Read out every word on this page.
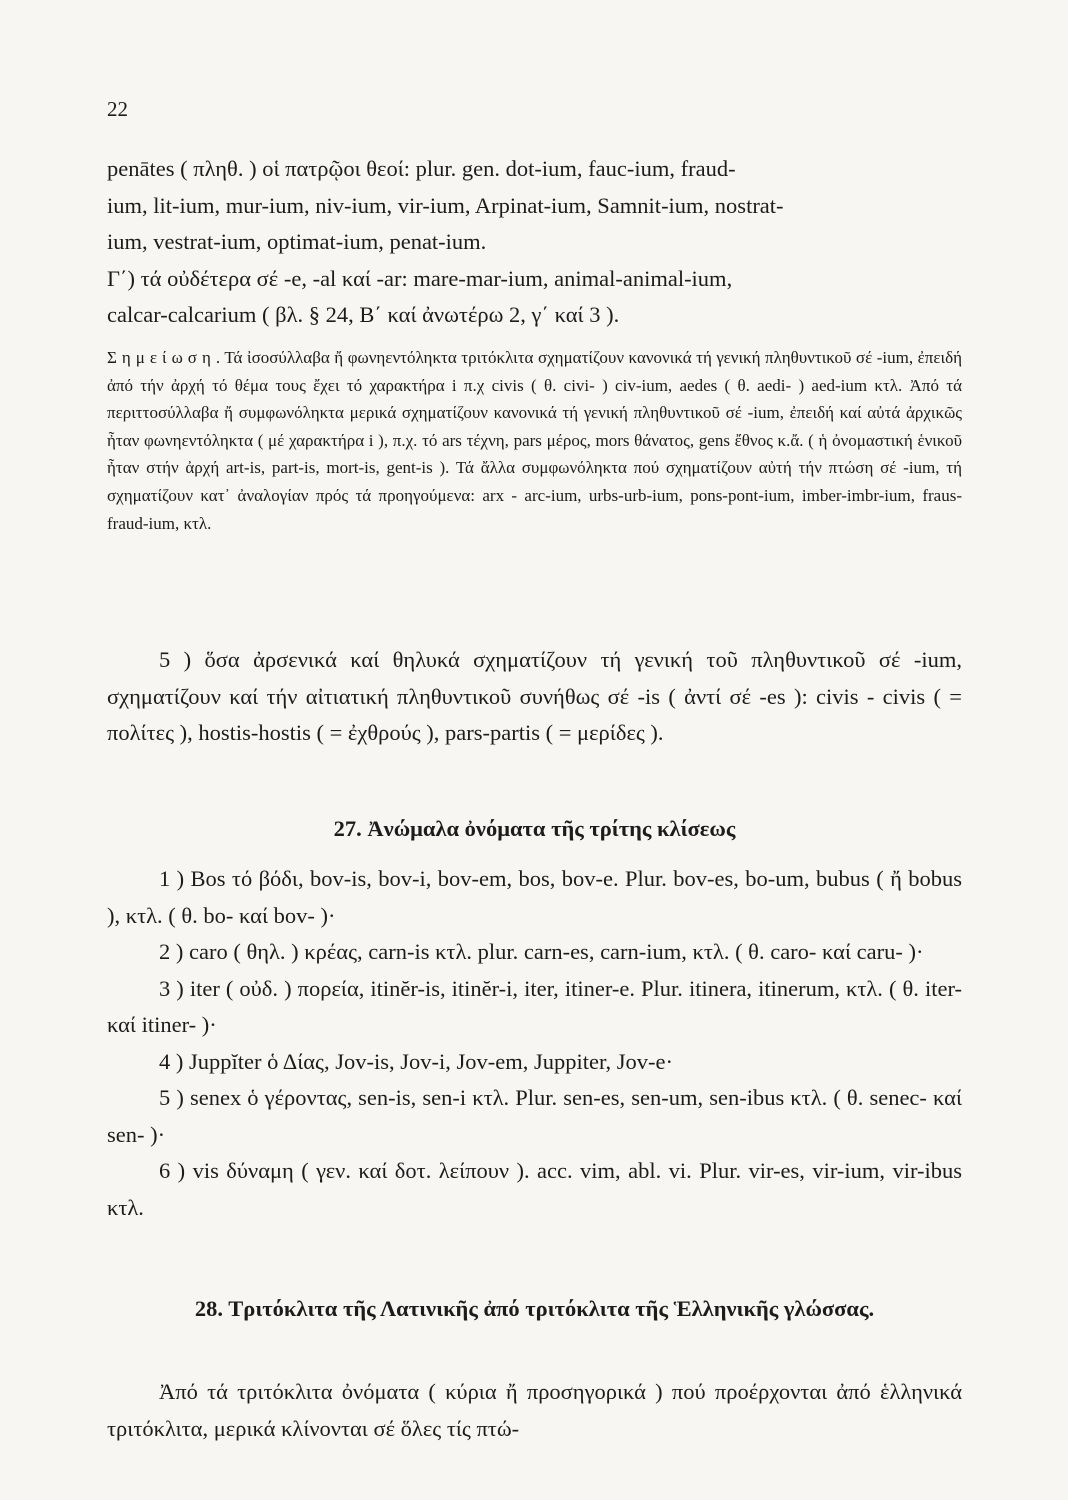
22

penātes ( πληθ. ) οἱ πατρῷοι θεοί: plur. gen. dot-ium, fauc-ium, fraud-

ium, lit-ium, mur-ium, niv-ium, vir-ium, Arpinat-ium, Samnit-ium, nostrat-

ium, vestrat-ium, optimat-ium, penat-ium.

Γ΄) τά οὐδέτερα σέ -e, -al καί -ar: mare-mar-ium, animal-animal-ium,

calcar-calcarium ( βλ. § 24, Β΄ καί ἀνωτέρω 2, γ΄ καί 3 ).

Σημείωση. Τά ἰσοσύλλαβα ἤ φωνηεντόληκτα τριτόκλιτα σχηματίζουν κανονικά τή γενική πληθυντικοῦ σέ -ium, ἐπειδή ἀπό τήν ἀρχή τό θέμα τους ἔχει τό χαρακτήρα i π.χ civis ( θ. civi- ) civ-ium, aedes ( θ. aedi- ) aed-ium κτλ. Ἀπό τά περιττοσύλλαβα ἤ συμφωνόληκτα μερικά σχηματίζουν κανονικά τή γενική πληθυντικοῦ σέ -ium, ἐπειδή καί αὐτά ἀρχικῶς ἦταν φωνηεντόληκτα ( μέ χαρακτήρα i ), π.χ. τό ars τέχνη, pars μέρος, mors θάνατος, gens ἔθνος κ.ἄ. ( ἡ ὀνομαστική ἑνικοῦ ἦταν στήν ἀρχή art-is, part-is, mort-is, gent-is ). Τά ἄλλα συμφωνόληκτα πού σχηματίζουν αὐτή τήν πτώση σέ -ium, τή σχηματίζουν κατ᾿ ἀναλογίαν πρός τά προηγούμενα: arx - arc-ium, urbs-urb-ium, pons-pont-ium, imber-imbr-ium, fraus-fraud-ium, κτλ.

5 ) ὅσα ἀρσενικά καί θηλυκά σχηματίζουν τή γενική τοῦ πληθυντικοῦ σέ -ium, σχηματίζουν καί τήν αἰτιατική πληθυντικοῦ συνήθως σέ -is ( ἀντί σέ -es ): civis - civis ( = πολίτες ), hostis-hostis ( = ἐχθρούς ), pars-partis ( = μερίδες ).

27. Ἀνώμαλα ὀνόματα τῆς τρίτης κλίσεως

1 ) Bos τό βόδι, bov-is, bov-i, bov-em, bos, bov-e. Plur. bov-es, bo-um, bubus ( ἤ bobus ), κτλ. ( θ. bo- καί bov- )·

2 ) caro ( θηλ. ) κρέας, carn-is κτλ. plur. carn-es, carn-ium, κτλ. ( θ. caro- καί caru- )·

3 ) iter ( οὐδ. ) πορεία, itinĕr-is, itinĕr-i, iter, itiner-e. Plur. itinera, itinerum, κτλ. ( θ. iter- καί itiner- )·

4 ) Juppĭter ὁ Δίας, Jov-is, Jov-i, Jov-em, Juppiter, Jov-e·

5 ) senex ὁ γέροντας, sen-is, sen-i κτλ. Plur. sen-es, sen-um, sen-ibus κτλ. ( θ. senec- καί sen- )·

6 ) vis δύναμη ( γεν. καί δοτ. λείπουν ). acc. vim, abl. vi. Plur. vir-es, vir-ium, vir-ibus κτλ.

28. Τριτόκλιτα τῆς Λατινικῆς ἀπό τριτόκλιτα τῆς Ἑλληνικῆς γλώσσας.

Ἀπό τά τριτόκλιτα ὀνόματα ( κύρια ἤ προσηγορικά ) πού προέρχονται ἀπό ἑλληνικά τριτόκλιτα, μερικά κλίνονται σέ ὅλες τίς πτώ-
